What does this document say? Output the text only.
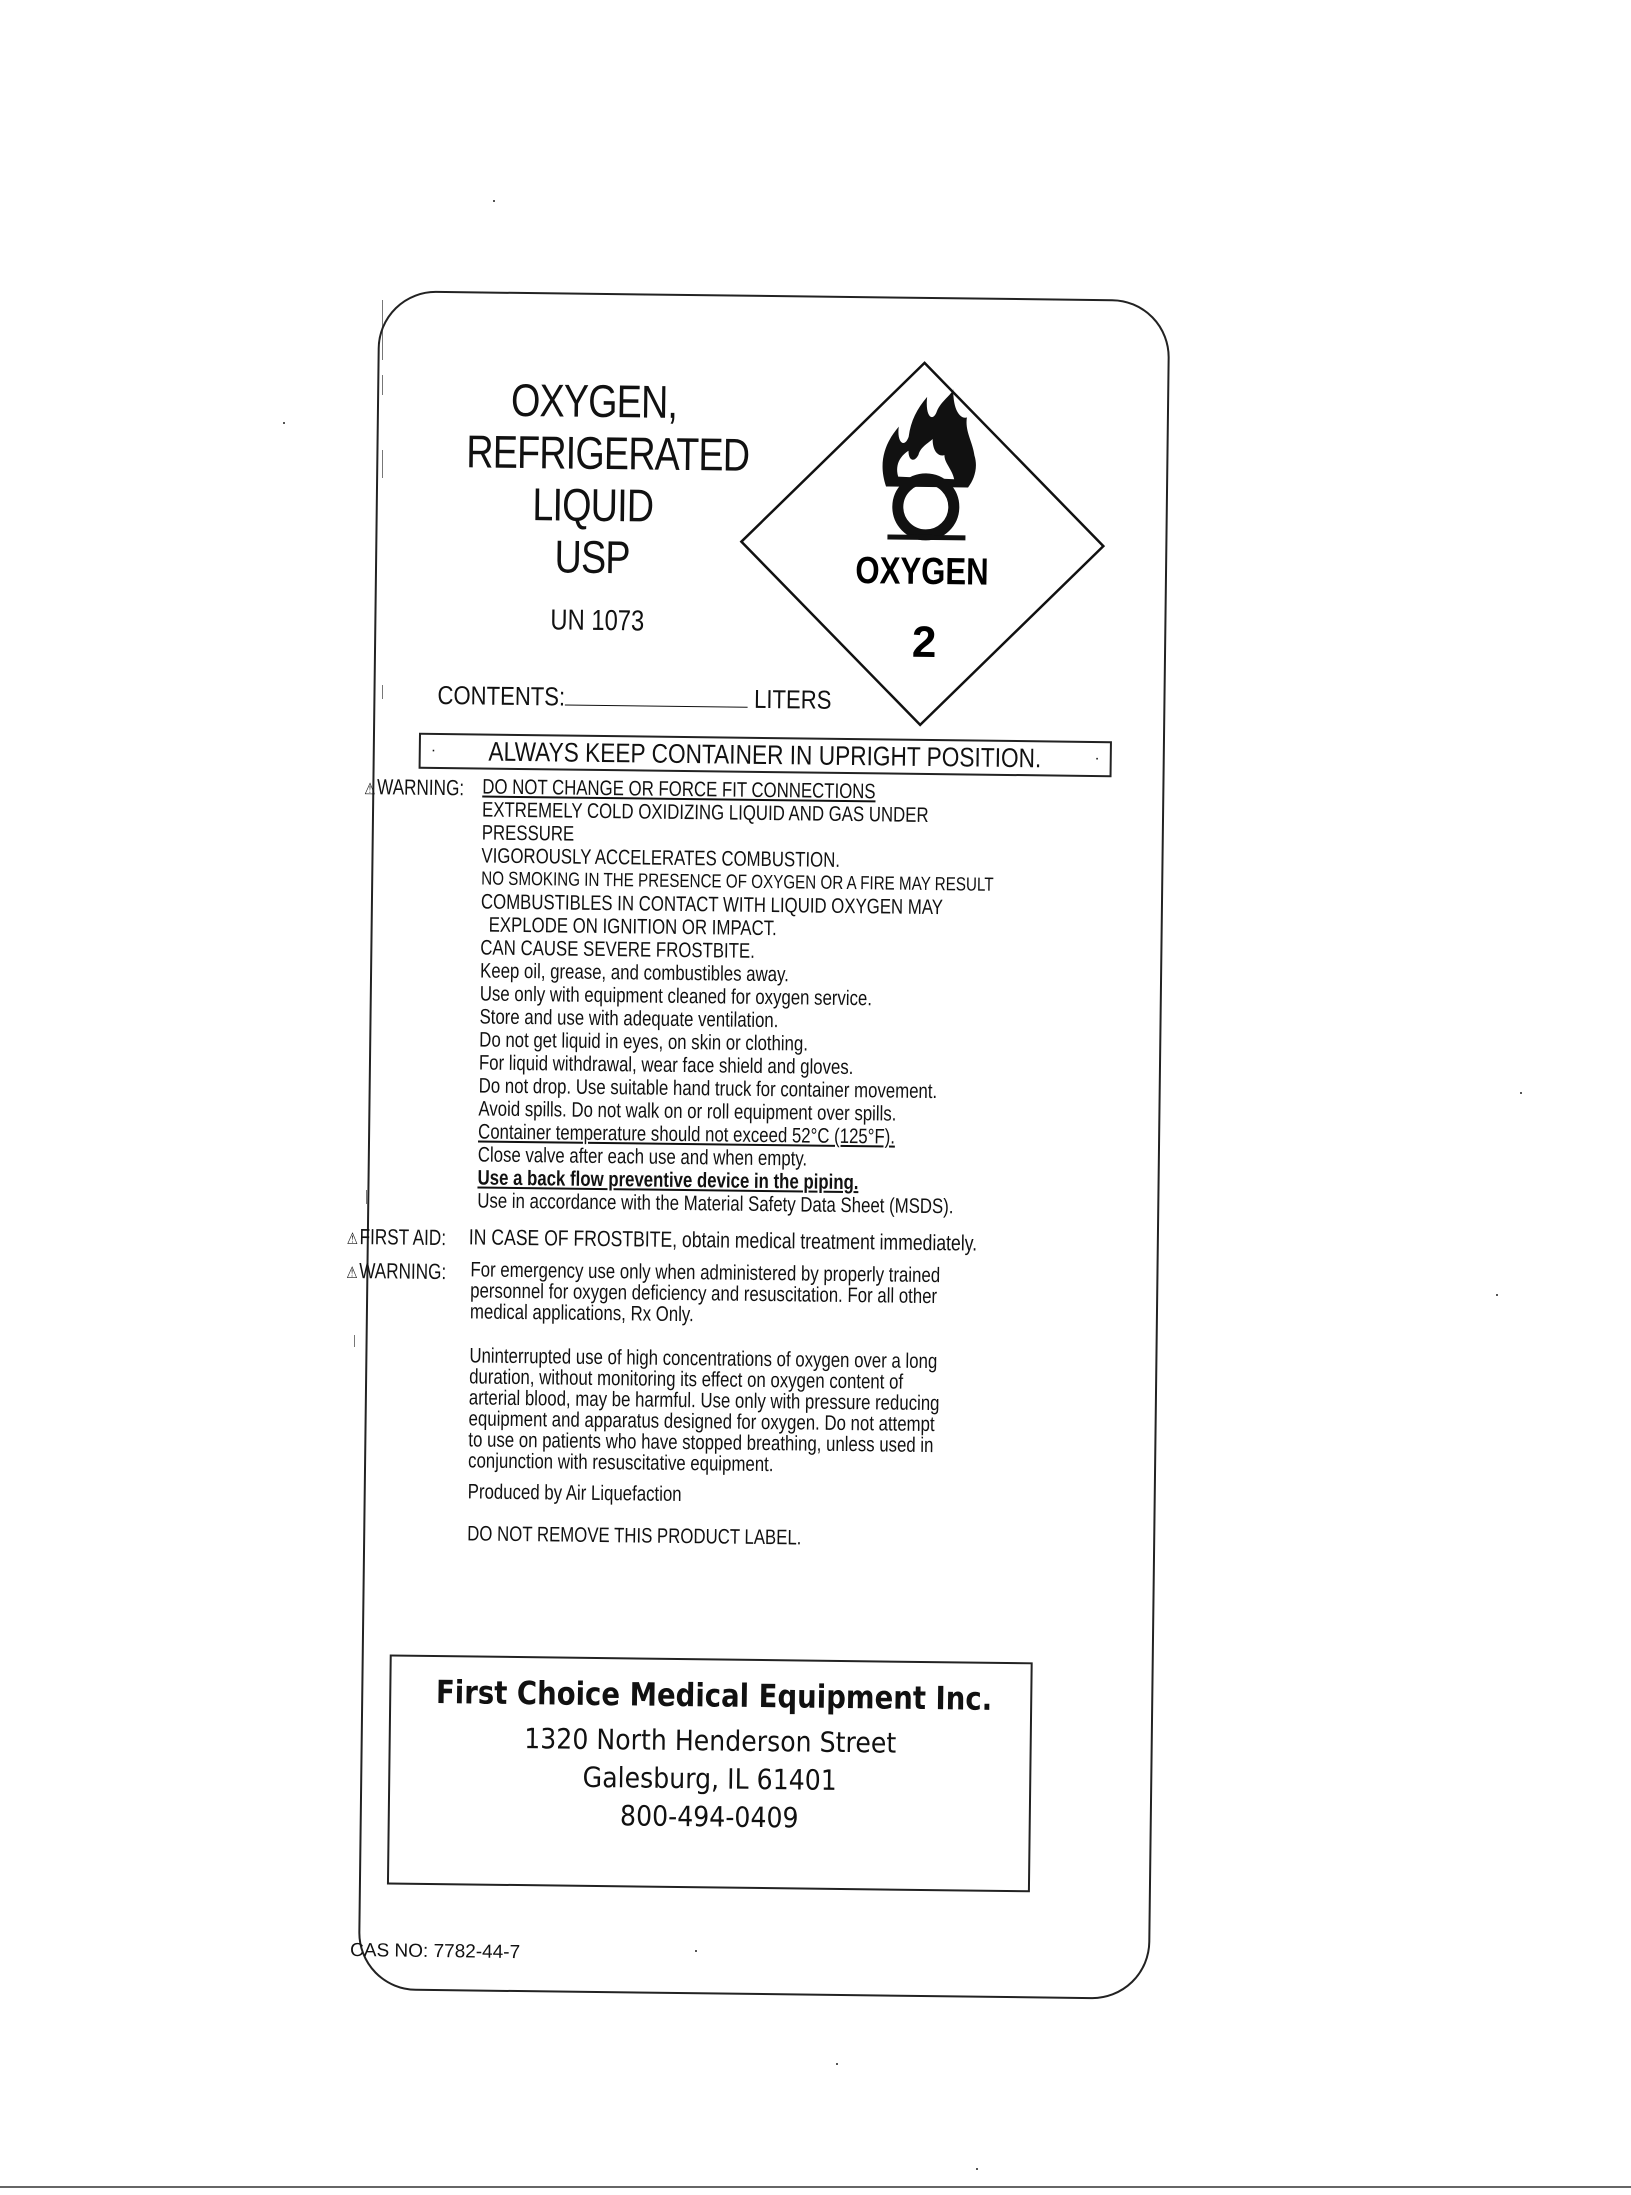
OXYGEN,
REFRIGERATED
LIQUID
USP
UN 1073
OXYGEN
2
CONTENTS:	LITERS
· ALWAYS KEEP CONTAINER IN UPRIGHT POSITION.	·
⚠WARNING: DO NOT CHANGE OR FORCE FIT CONNECTIONS
EXTREMELY COLD OXIDIZING LIQUID AND GAS UNDER
PRESSURE
VIGOROUSLY ACCELERATES COMBUSTION.
NO SMOKING IN THE PRESENCE OF OXYGEN OR A FIRE MAY RESULT
COMBUSTIBLES IN CONTACT WITH LIQUID OXYGEN MAY
EXPLODE ON IGNITION OR IMPACT.
CAN CAUSE SEVERE FROSTBITE.
Keep oil, grease, and combustibles away.
Use only with equipment cleaned for oxygen service.
Store and use with adequate ventilation.
Do not get liquid in eyes, on skin or clothing.
For liquid withdrawal, wear face shield and gloves.
Do not drop. Use suitable hand truck for container movement.
Avoid spills. Do not walk on or roll equipment over spills.
Container temperature should not exceed 52°C (125°F).
Close valve after each use and when empty.
Use a back flow preventive device in the piping.
Use in accordance with the Material Safety Data Sheet (MSDS).
⚠FIRST AID: IN CASE OF FROSTBITE, obtain medical treatment immediately.
⚠WARNING: For emergency use only when administered by properly trained
personnel for oxygen deficiency and resuscitation. For all other
medical applications, Rx Only.
Uninterrupted use of high concentrations of oxygen over a long
duration, without monitoring its effect on oxygen content of
arterial blood, may be harmful. Use only with pressure reducing
equipment and apparatus designed for oxygen. Do not attempt
to use on patients who have stopped breathing, unless used in
conjunction with resuscitative equipment.
Produced by Air Liquefaction
DO NOT REMOVE THIS PRODUCT LABEL.
First Choice Medical Equipment Inc.
1320 North Henderson Street
Galesburg, IL 61401
800-494-0409
CAS NO: 7782-44-7
